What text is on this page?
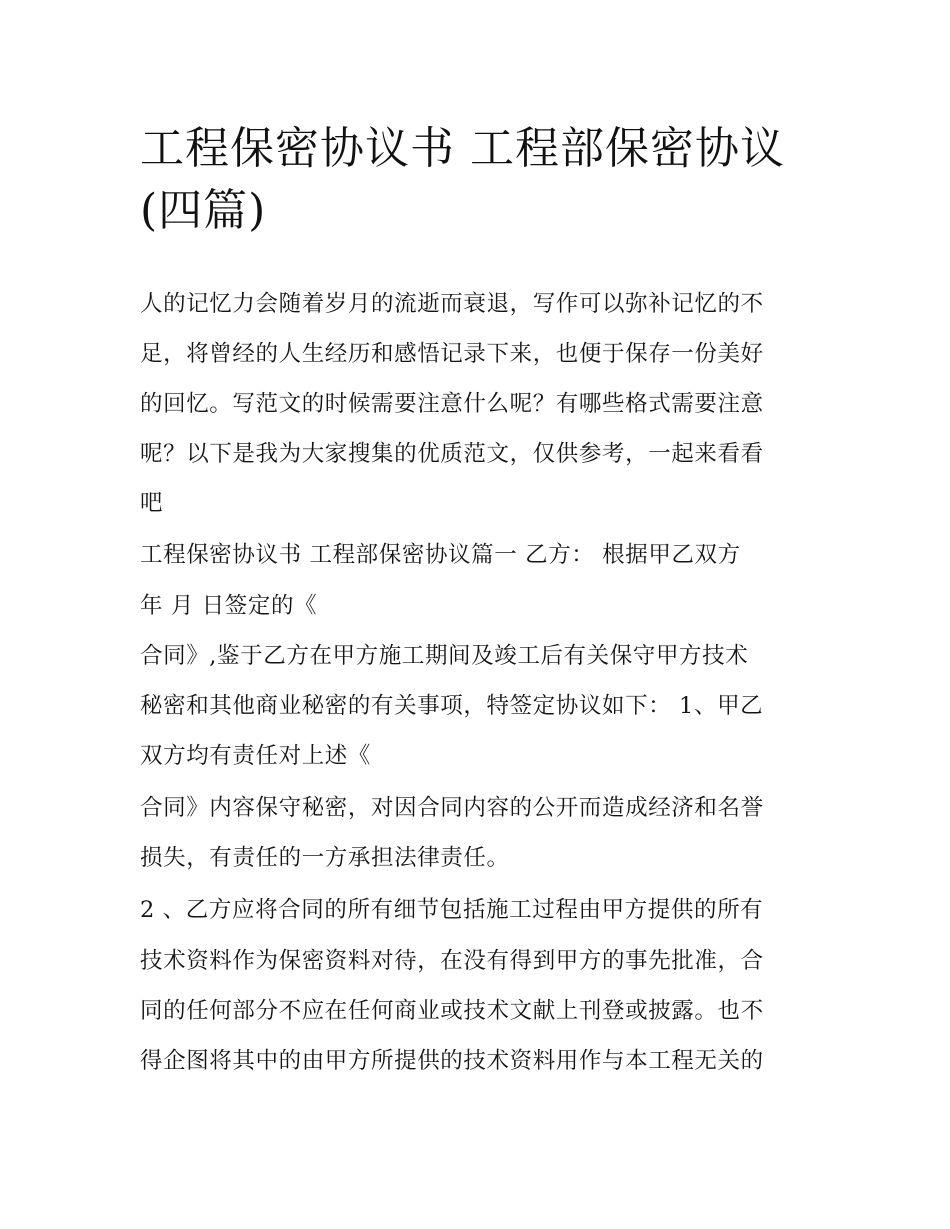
工程保密协议书 工程部保密协议(四篇)

人的记忆力会随着岁月的流逝而衰退，写作可以弥补记忆的不

足，将曾经的人生经历和感悟记录下来，也便于保存一份美好

的回忆。写范文的时候需要注意什么呢？有哪些格式需要注意

呢？以下是我为大家搜集的优质范文，仅供参考，一起来看看

吧

工程保密协议书 工程部保密协议篇一 乙方： 根据甲乙双方

年 月 日签定的《

合同》,鉴于乙方在甲方施工期间及竣工后有关保守甲方技术

秘密和其他商业秘密的有关事项，特签定协议如下： 1、甲乙

双方均有责任对上述《

合同》内容保守秘密，对因合同内容的公开而造成经济和名誉

损失，有责任的一方承担法律责任。

2 、乙方应将合同的所有细节包括施工过程由甲方提供的所有

技术资料作为保密资料对待，在没有得到甲方的事先批准，合

同的任何部分不应在任何商业或技术文献上刊登或披露。也不

得企图将其中的由甲方所提供的技术资料用作与本工程无关的
